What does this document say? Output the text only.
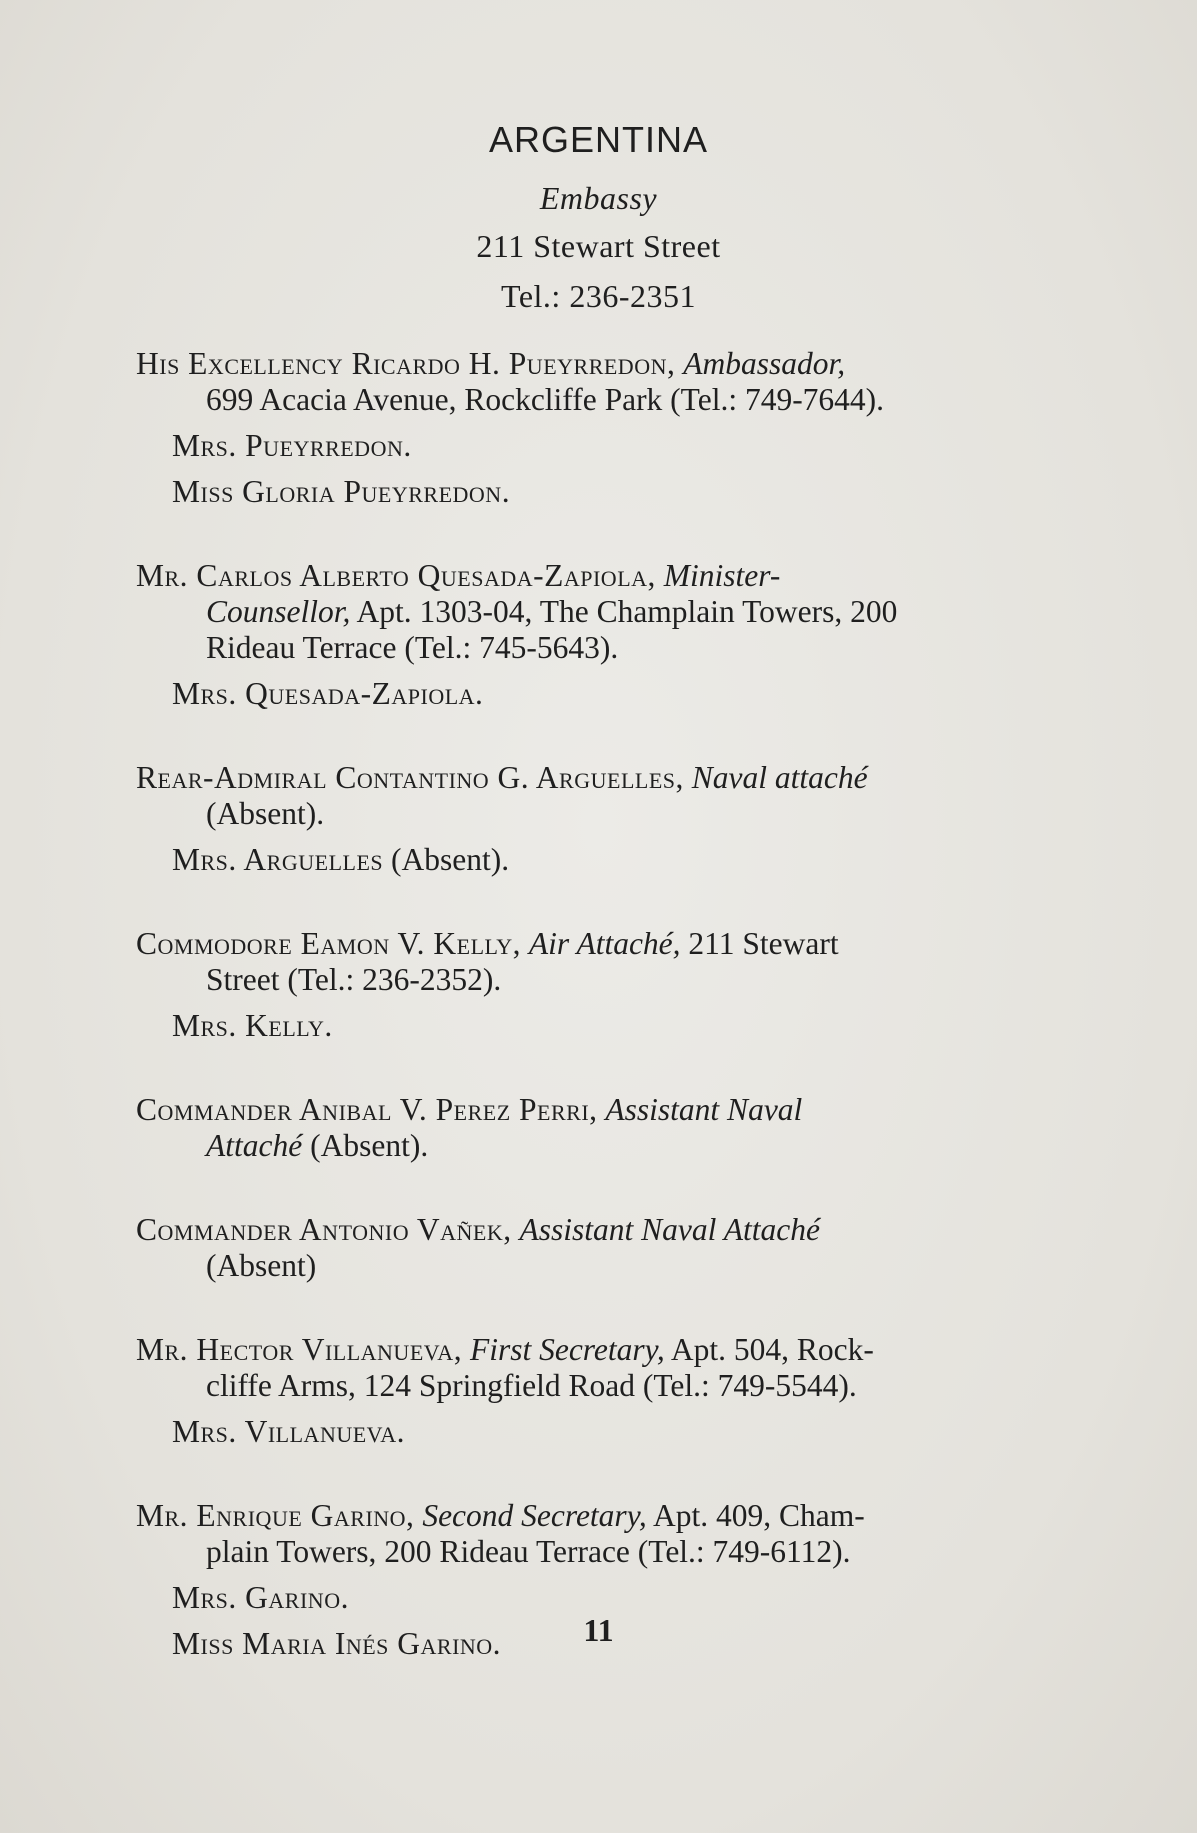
ARGENTINA
Embassy
211 Stewart Street
Tel.: 236-2351
His Excellency Ricardo H. Pueyrredon, Ambassador,
699 Acacia Avenue, Rockcliffe Park (Tel.: 749-7644).
Mrs. Pueyrredon.
Miss Gloria Pueyrredon.
Mr. Carlos Alberto Quesada-Zapiola, Minister-
Counsellor, Apt. 1303-04, The Champlain Towers, 200
Rideau Terrace (Tel.: 745-5643).
Mrs. Quesada-Zapiola.
Rear-Admiral Contantino G. Arguelles, Naval attaché
(Absent).
Mrs. Arguelles (Absent).
Commodore Eamon V. Kelly, Air Attaché, 211 Stewart
Street (Tel.: 236-2352).
Mrs. Kelly.
Commander Anibal V. Perez Perri, Assistant Naval
Attaché (Absent).
Commander Antonio Vañek, Assistant Naval Attaché
(Absent)
Mr. Hector Villanueva, First Secretary, Apt. 504, Rock-
cliffe Arms, 124 Springfield Road (Tel.: 749-5544).
Mrs. Villanueva.
Mr. Enrique Garino, Second Secretary, Apt. 409, Cham-
plain Towers, 200 Rideau Terrace (Tel.: 749-6112).
Mrs. Garino.
Miss Maria Inés Garino.	11
